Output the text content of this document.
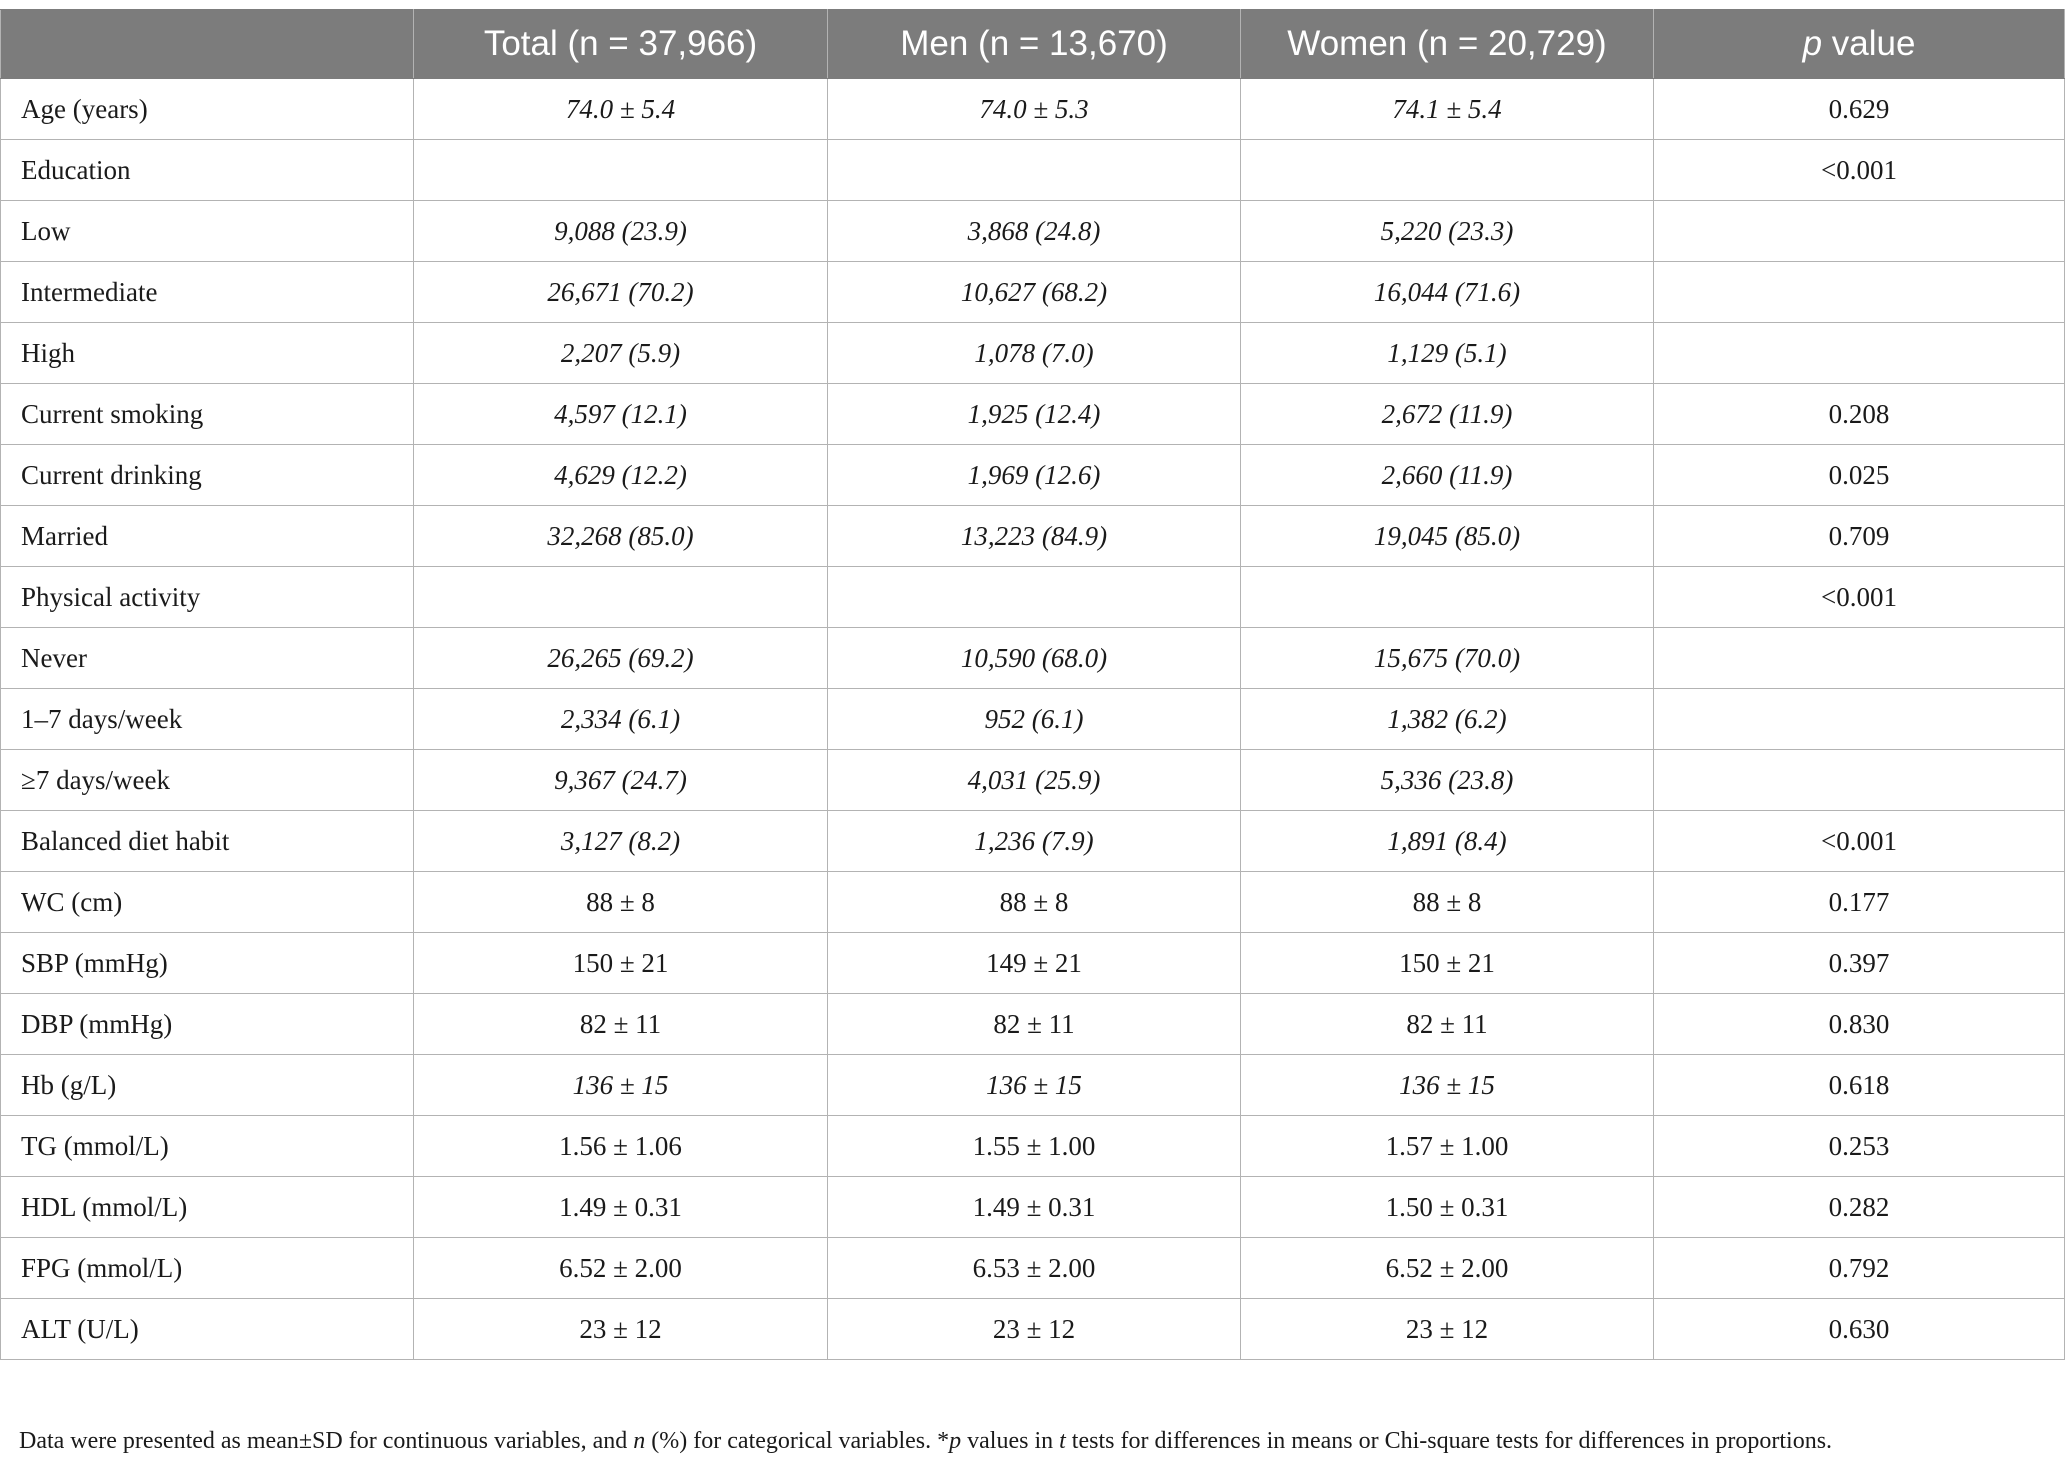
	Total (n = 37,966)	Men (n = 13,670)	Women (n = 20,729)	p value
Age (years)	74.0 ± 5.4	74.0 ± 5.3	74.1 ± 5.4	0.629
Education				<0.001
Low	9,088 (23.9)	3,868 (24.8)	5,220 (23.3)	
Intermediate	26,671 (70.2)	10,627 (68.2)	16,044 (71.6)	
High	2,207 (5.9)	1,078 (7.0)	1,129 (5.1)	
Current smoking	4,597 (12.1)	1,925 (12.4)	2,672 (11.9)	0.208
Current drinking	4,629 (12.2)	1,969 (12.6)	2,660 (11.9)	0.025
Married	32,268 (85.0)	13,223 (84.9)	19,045 (85.0)	0.709
Physical activity				<0.001
Never	26,265 (69.2)	10,590 (68.0)	15,675 (70.0)	
1–7 days/week	2,334 (6.1)	952 (6.1)	1,382 (6.2)	
≥7 days/week	9,367 (24.7)	4,031 (25.9)	5,336 (23.8)	
Balanced diet habit	3,127 (8.2)	1,236 (7.9)	1,891 (8.4)	<0.001
WC (cm)	88 ± 8	88 ± 8	88 ± 8	0.177
SBP (mmHg)	150 ± 21	149 ± 21	150 ± 21	0.397
DBP (mmHg)	82 ± 11	82 ± 11	82 ± 11	0.830
Hb (g/L)	136 ± 15	136 ± 15	136 ± 15	0.618
TG (mmol/L)	1.56 ± 1.06	1.55 ± 1.00	1.57 ± 1.00	0.253
HDL (mmol/L)	1.49 ± 0.31	1.49 ± 0.31	1.50 ± 0.31	0.282
FPG (mmol/L)	6.52 ± 2.00	6.53 ± 2.00	6.52 ± 2.00	0.792
ALT (U/L)	23 ± 12	23 ± 12	23 ± 12	0.630
Data were presented as mean±SD for continuous variables, and n (%) for categorical variables. *p values in t tests for differences in means or Chi-square tests for differences in proportions.
